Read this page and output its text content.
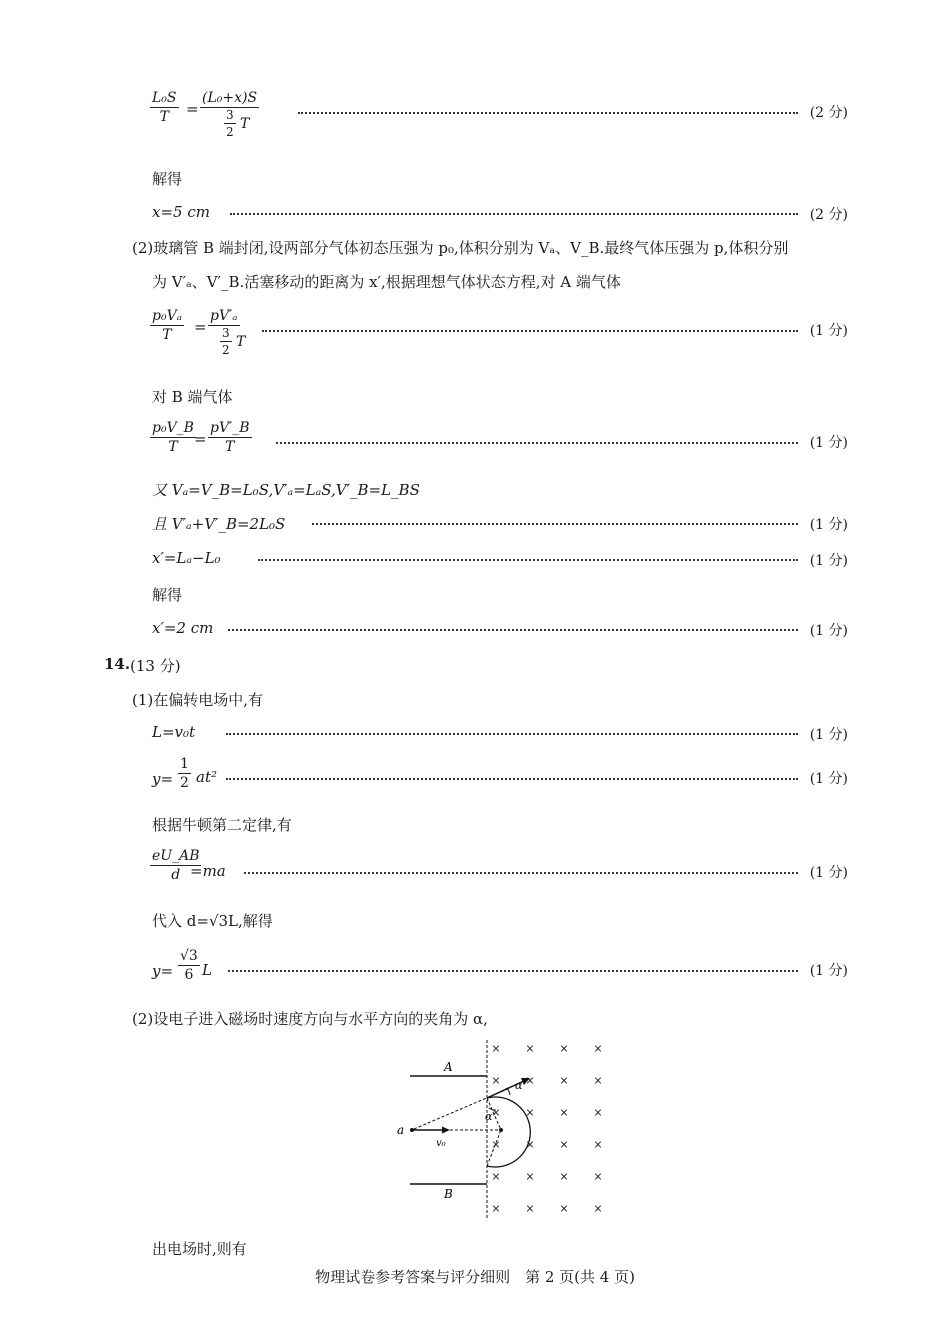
$\frac{\text{L₀S}}{T} = \frac{\text{(L₀+x)S}}{\frac{3}{2} T}$	(2 分)
解得
x=5 cm	(2 分)
(2)玻璃管 B 端封闭,设两部分气体初态压强为 p₀,体积分别为 Vₐ、V_B.最终气体压强为 p,体积分别
为 V′ₐ、V′_B.活塞移动的距离为 x′,根据理想气体状态方程,对 A 端气体
$\frac{\text{p₀Vₐ}}{T} = \frac{\text{pV′ₐ}}{\frac{3}{2} T}$	(1 分)
对 B 端气体
$\frac{\text{p₀V\_B}}{T}$
= $\frac{pV'\_B}{T}$	(1 分)
又 Vₐ=V_B=L₀S,V′ₐ=LₐS,V′_B=L_BS
且 V′ₐ+V′_B=2L₀S	(1 分)
x′=Lₐ−L₀	(1 分)
解得
x′=2 cm	(1 分)
14. (13 分)
(1)在偏转电场中,有
L=v₀t	(1 分)
$y= \frac{1}{2} at^2$	(1 分)
根据牛顿第二定律,有
$\frac{eU\_AB}{d}$
=ma	(1 分)
代入 d=√3L,解得
$y= \frac{√3}{6}$ L	(1 分)
(2)设电子进入磁场时速度方向与水平方向的夹角为 α,
A
B
a
v₀
α
α
× × × ×
× × × ×
× × × ×
× × × ×
× × × ×
× × × ×
出电场时,则有
物理试卷参考答案与评分细则　第 2 页(共 4 页)
